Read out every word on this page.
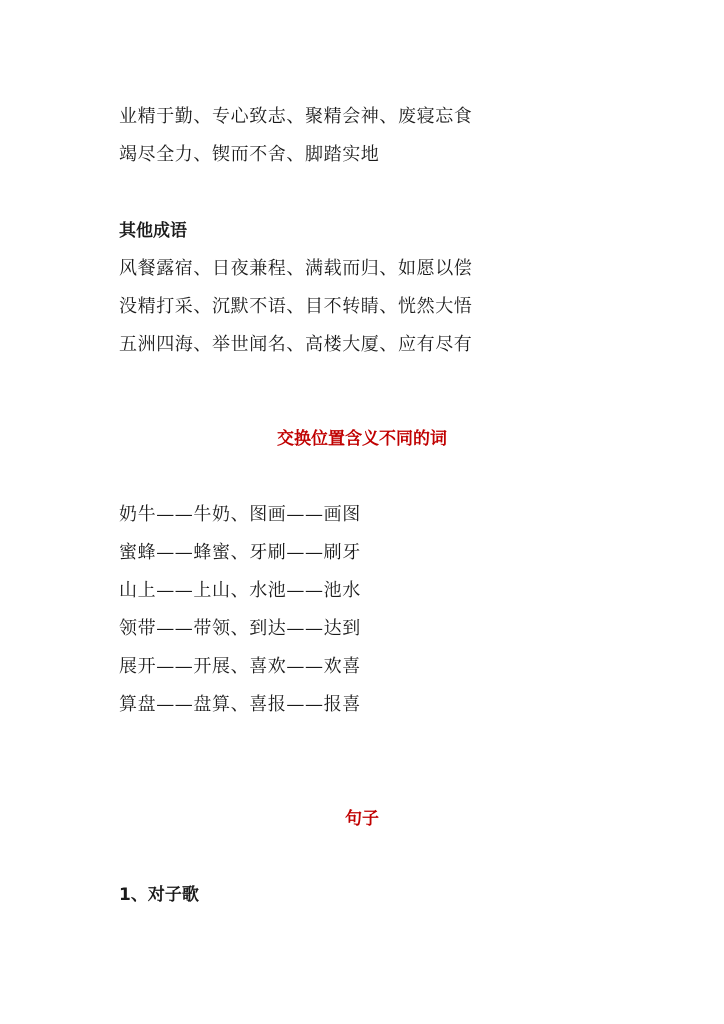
业精于勤、专心致志、聚精会神、废寝忘食
竭尽全力、锲而不舍、脚踏实地
其他成语
风餐露宿、日夜兼程、满载而归、如愿以偿
没精打采、沉默不语、目不转睛、恍然大悟
五洲四海、举世闻名、高楼大厦、应有尽有
交换位置含义不同的词
奶牛——牛奶、图画——画图
蜜蜂——蜂蜜、牙刷——刷牙
山上——上山、水池——池水
领带——带领、到达——达到
展开——开展、喜欢——欢喜
算盘——盘算、喜报——报喜
句子
1、对子歌
